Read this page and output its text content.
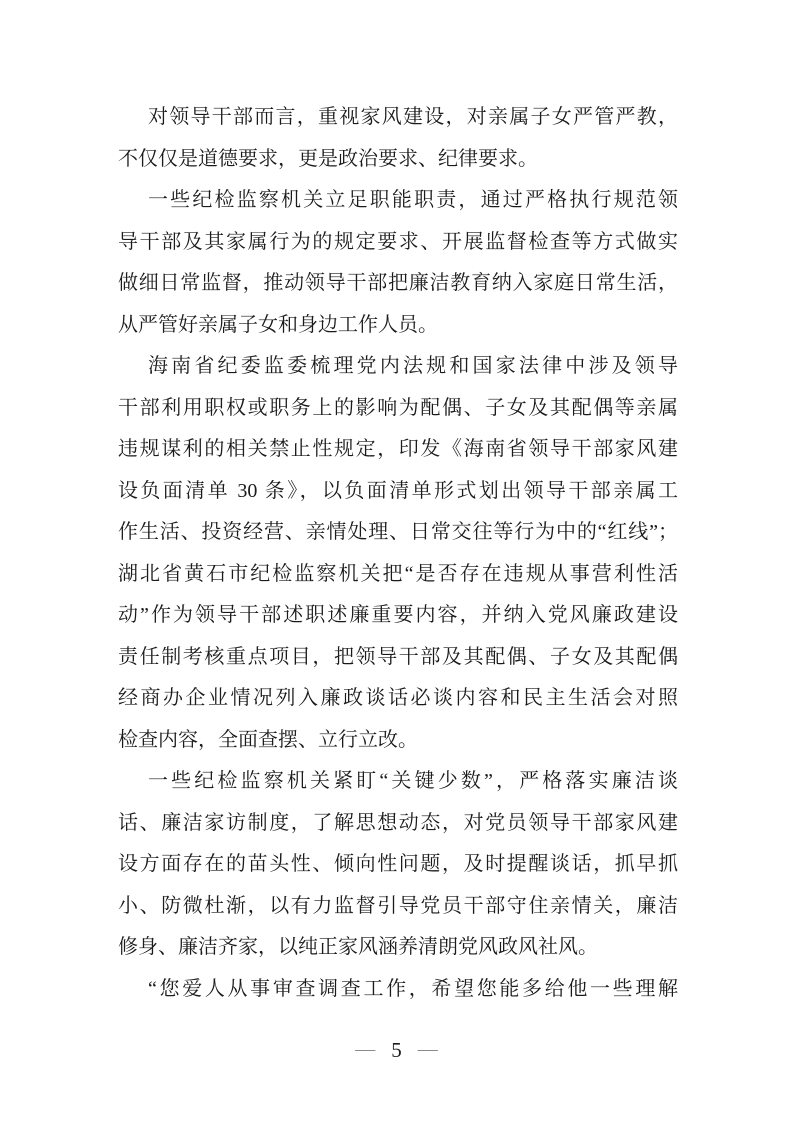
对领导干部而言，重视家风建设，对亲属子女严管严教，
不仅仅是道德要求，更是政治要求、纪律要求。
一些纪检监察机关立足职能职责，通过严格执行规范领
导干部及其家属行为的规定要求、开展监督检查等方式做实
做细日常监督，推动领导干部把廉洁教育纳入家庭日常生活，
从严管好亲属子女和身边工作人员。
海南省纪委监委梳理党内法规和国家法律中涉及领导
干部利用职权或职务上的影响为配偶、子女及其配偶等亲属
违规谋利的相关禁止性规定，印发《海南省领导干部家风建
设负面清单 30 条》，以负面清单形式划出领导干部亲属工
作生活、投资经营、亲情处理、日常交往等行为中的“红线”；
湖北省黄石市纪检监察机关把“是否存在违规从事营利性活
动”作为领导干部述职述廉重要内容，并纳入党风廉政建设
责任制考核重点项目，把领导干部及其配偶、子女及其配偶
经商办企业情况列入廉政谈话必谈内容和民主生活会对照
检查内容，全面查摆、立行立改。
一些纪检监察机关紧盯“关键少数”，严格落实廉洁谈
话、廉洁家访制度，了解思想动态，对党员领导干部家风建
设方面存在的苗头性、倾向性问题，及时提醒谈话，抓早抓
小、防微杜渐，以有力监督引导党员干部守住亲情关，廉洁
修身、廉洁齐家，以纯正家风涵养清朗党风政风社风。
“您爱人从事审查调查工作，希望您能多给他一些理解
— 5 —
